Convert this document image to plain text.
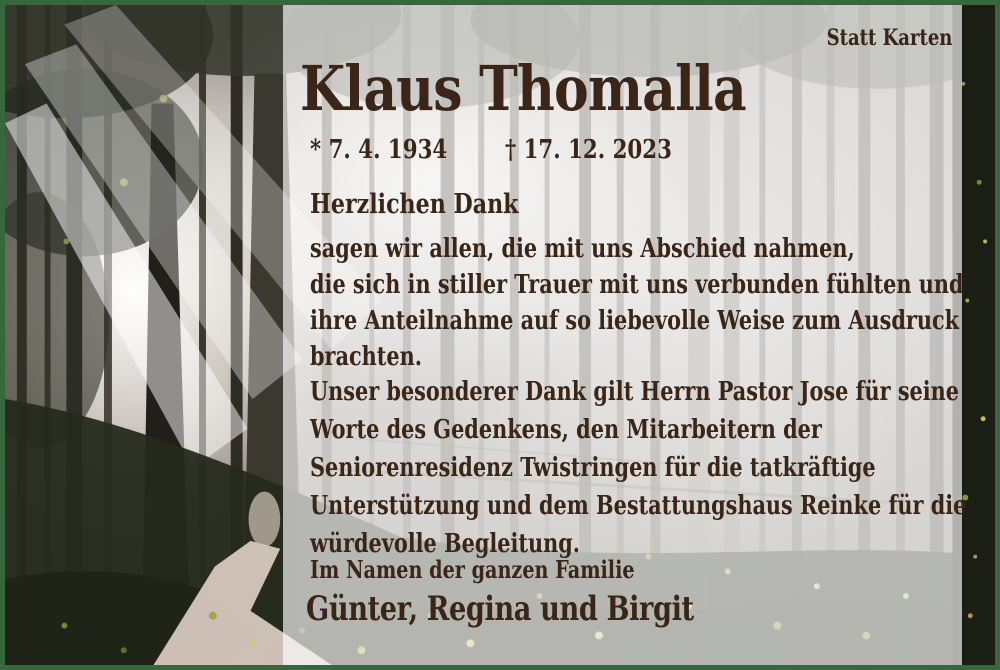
Statt Karten
Klaus Thomalla
* 7. 4. 1934 † 17. 12. 2023
Herzlichen Dank
sagen wir allen, die mit uns Abschied nahmen,
die sich in stiller Trauer mit uns verbunden fühlten und
ihre Anteilnahme auf so liebevolle Weise zum Ausdruck
brachten.
Unser besonderer Dank gilt Herrn Pastor Jose für seine
Worte des Gedenkens, den Mitarbeitern der
Seniorenresidenz Twistringen für die tatkräftige
Unterstützung und dem Bestattungshaus Reinke für die
würdevolle Begleitung.
Im Namen der ganzen Familie
Günter, Regina und Birgit
